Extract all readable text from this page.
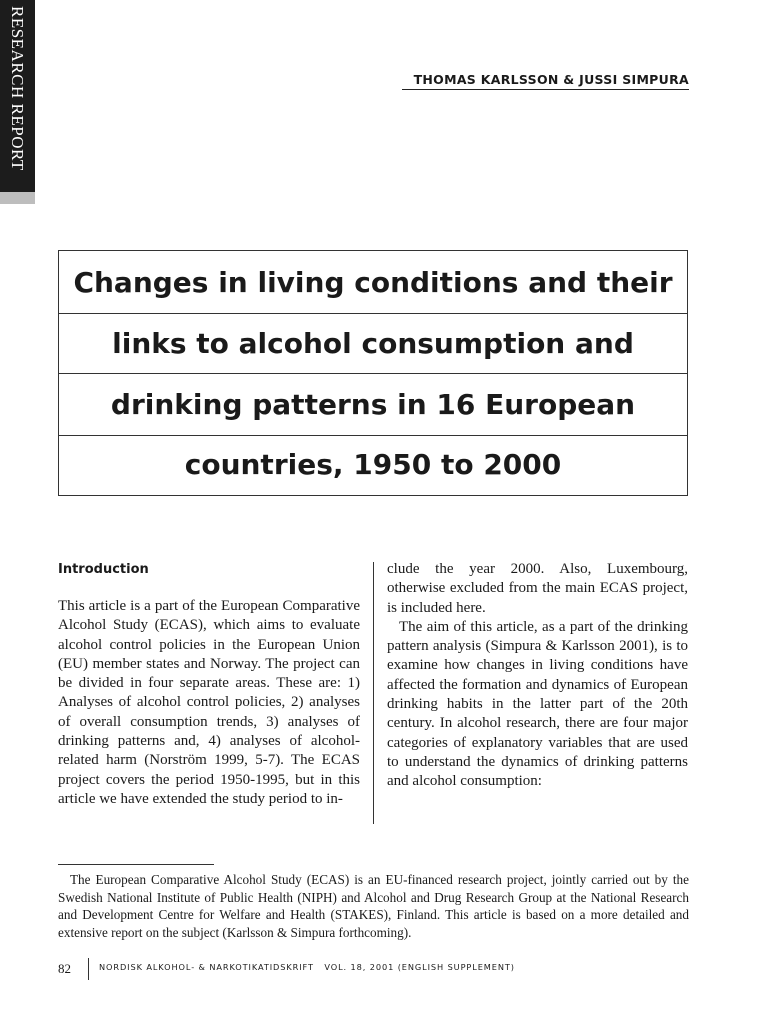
RESEARCH REPORT	THOMAS KARLSSON & JUSSI SIMPURA
Changes in living conditions and their
links to alcohol consumption and
drinking patterns in 16 European
countries, 1950 to 2000

Introduction

This article is a part of the European Comparative Alcohol Study (ECAS), which aims to evaluate alcohol control policies in the European Union (EU) member states and Norway. The project can be divided in four separate areas. These are: 1) Analyses of alcohol control policies, 2) analyses of overall consumption trends, 3) analyses of drinking patterns and, 4) analyses of alcohol-related harm (Norström 1999, 5-7). The ECAS project covers the period 1950-1995, but in this article we have extended the study period to in-

clude the year 2000. Also, Luxembourg, otherwise excluded from the main ECAS project, is included here.

The aim of this article, as a part of the drinking pattern analysis (Simpura & Karlsson 2001), is to examine how changes in living conditions have affected the formation and dynamics of European drinking habits in the latter part of the 20th century. In alcohol research, there are four major categories of explanatory variables that are used to understand the dynamics of drinking patterns and alcohol consumption:

The European Comparative Alcohol Study (ECAS) is an EU-financed research project, jointly carried out by the Swedish National Institute of Public Health (NIPH) and Alcohol and Drug Research Group at the National Research and Development Centre for Welfare and Health (STAKES), Finland. This article is based on a more detailed and extensive report on the subject (Karlsson & Simpura forthcoming).

82	NORDISK ALKOHOL- & NARKOTIKATIDSKRIFT   VOL. 18, 2001 (ENGLISH SUPPLEMENT)
